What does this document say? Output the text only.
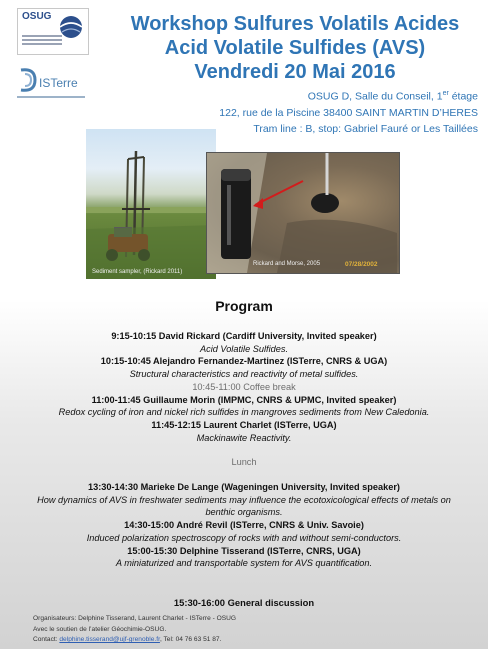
OSUG
ISTerre
Workshop Sulfures Volatils Acides
Acid Volatile Sulfides (AVS)
Vendredi 20 Mai 2016
OSUG D, Salle du Conseil, 1er étage
122, rue de la Piscine 38400 SAINT MARTIN D’HERES
Tram line : B, stop: Gabriel Fauré or Les Taillées
Sediment sampler, (Rickard 2011)
Rickard and Morse, 2005	07/28/2002
Program
9:15-10:15 David Rickard (Cardiff University, Invited speaker)
Acid Volatile Sulfides.
10:15-10:45 Alejandro Fernandez-Martinez (ISTerre, CNRS & UGA)
Structural characteristics and reactivity of metal sulfides.
10:45-11:00 Coffee break
11:00-11:45 Guillaume Morin (IMPMC, CNRS & UPMC, Invited speaker)
Redox cycling of iron and nickel rich sulfides in mangroves sediments from New Caledonia.
11:45-12:15 Laurent Charlet (ISTerre, UGA)
Mackinawite Reactivity.
Lunch
13:30-14:30 Marieke De Lange (Wageningen University, Invited speaker)
How dynamics of AVS in freshwater sediments may influence the ecotoxicological effects of metals on
benthic organisms.
14:30-15:00 André Revil (ISTerre, CNRS & Univ. Savoie)
Induced polarization spectroscopy of rocks with and without semi-conductors.
15:00-15:30 Delphine Tisserand (ISTerre, CNRS, UGA)
A miniaturized and transportable system for AVS quantification.
15:30-16:00 General discussion
Organisateurs: Delphine Tisserand, Laurent Charlet - ISTerre - OSUG
Avec le soutien de l’atelier Géochimie-OSUG.
Contact: delphine.tisserand@ujf-grenoble.fr, Tel: 04 76 63 51 87.
